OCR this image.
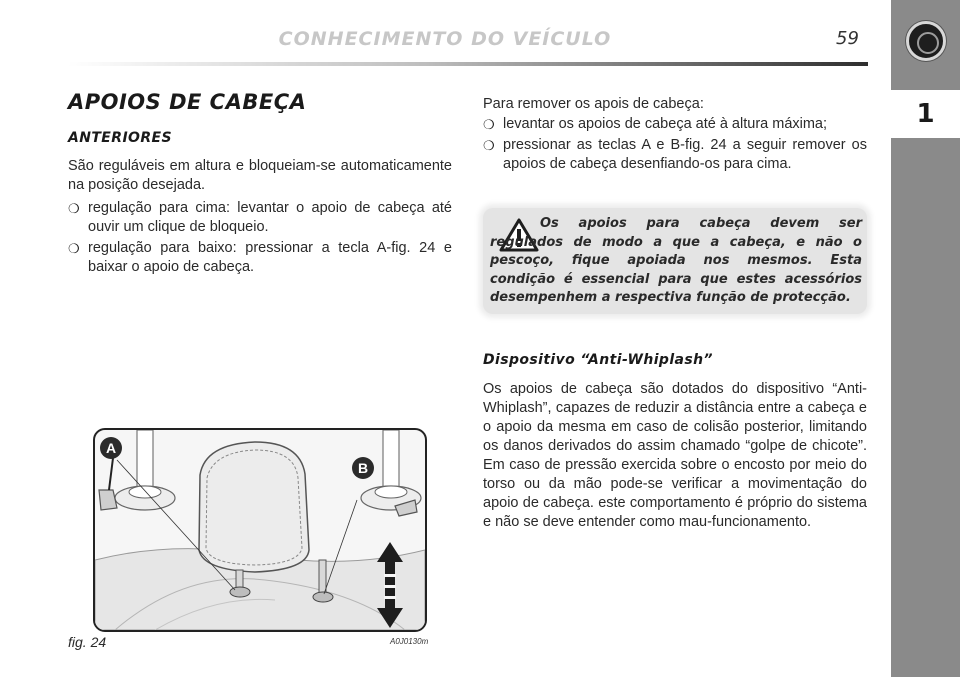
CONHECIMENTO DO VEÍCULO	59
1
APOIOS DE CABEÇA
ANTERIORES

São reguláveis em altura e bloqueiam-se automaticamente na posição desejada.

❍ regulação para cima: levantar o apoio de cabeça até ouvir um clique de bloqueio.
❍ regulação para baixo: pressionar a tecla A-fig. 24 e baixar o apoio de cabeça.
A
B
fig. 24	A0J0130m

Para remover os apois de cabeça:

❍ levantar os apoios de cabeça até à altura máxima;
❍ pressionar as teclas A e B-fig. 24 a seguir remover os apoios de cabeça desenfiando-os para cima.

Os apoios para cabeça devem ser regulados de modo a que a cabeça, e não o pescoço, fique apoiada nos mesmos. Esta condição é essencial para que estes acessórios desempenhem a respectiva função de protecção.

Dispositivo “Anti-Whiplash”

Os apoios de cabeça são dotados do dispositivo “Anti-Whiplash”, capazes de reduzir a distância entre a cabeça e o apoio da mesma em caso de colisão posterior, limitando os danos derivados do assim chamado “golpe de chicote”. Em caso de pressão exercida sobre o encosto por meio do torso ou da mão pode-se verificar a movimentação do apoio de cabeça. este comportamento é próprio do sistema e não se deve entender como mau-funcionamento.
